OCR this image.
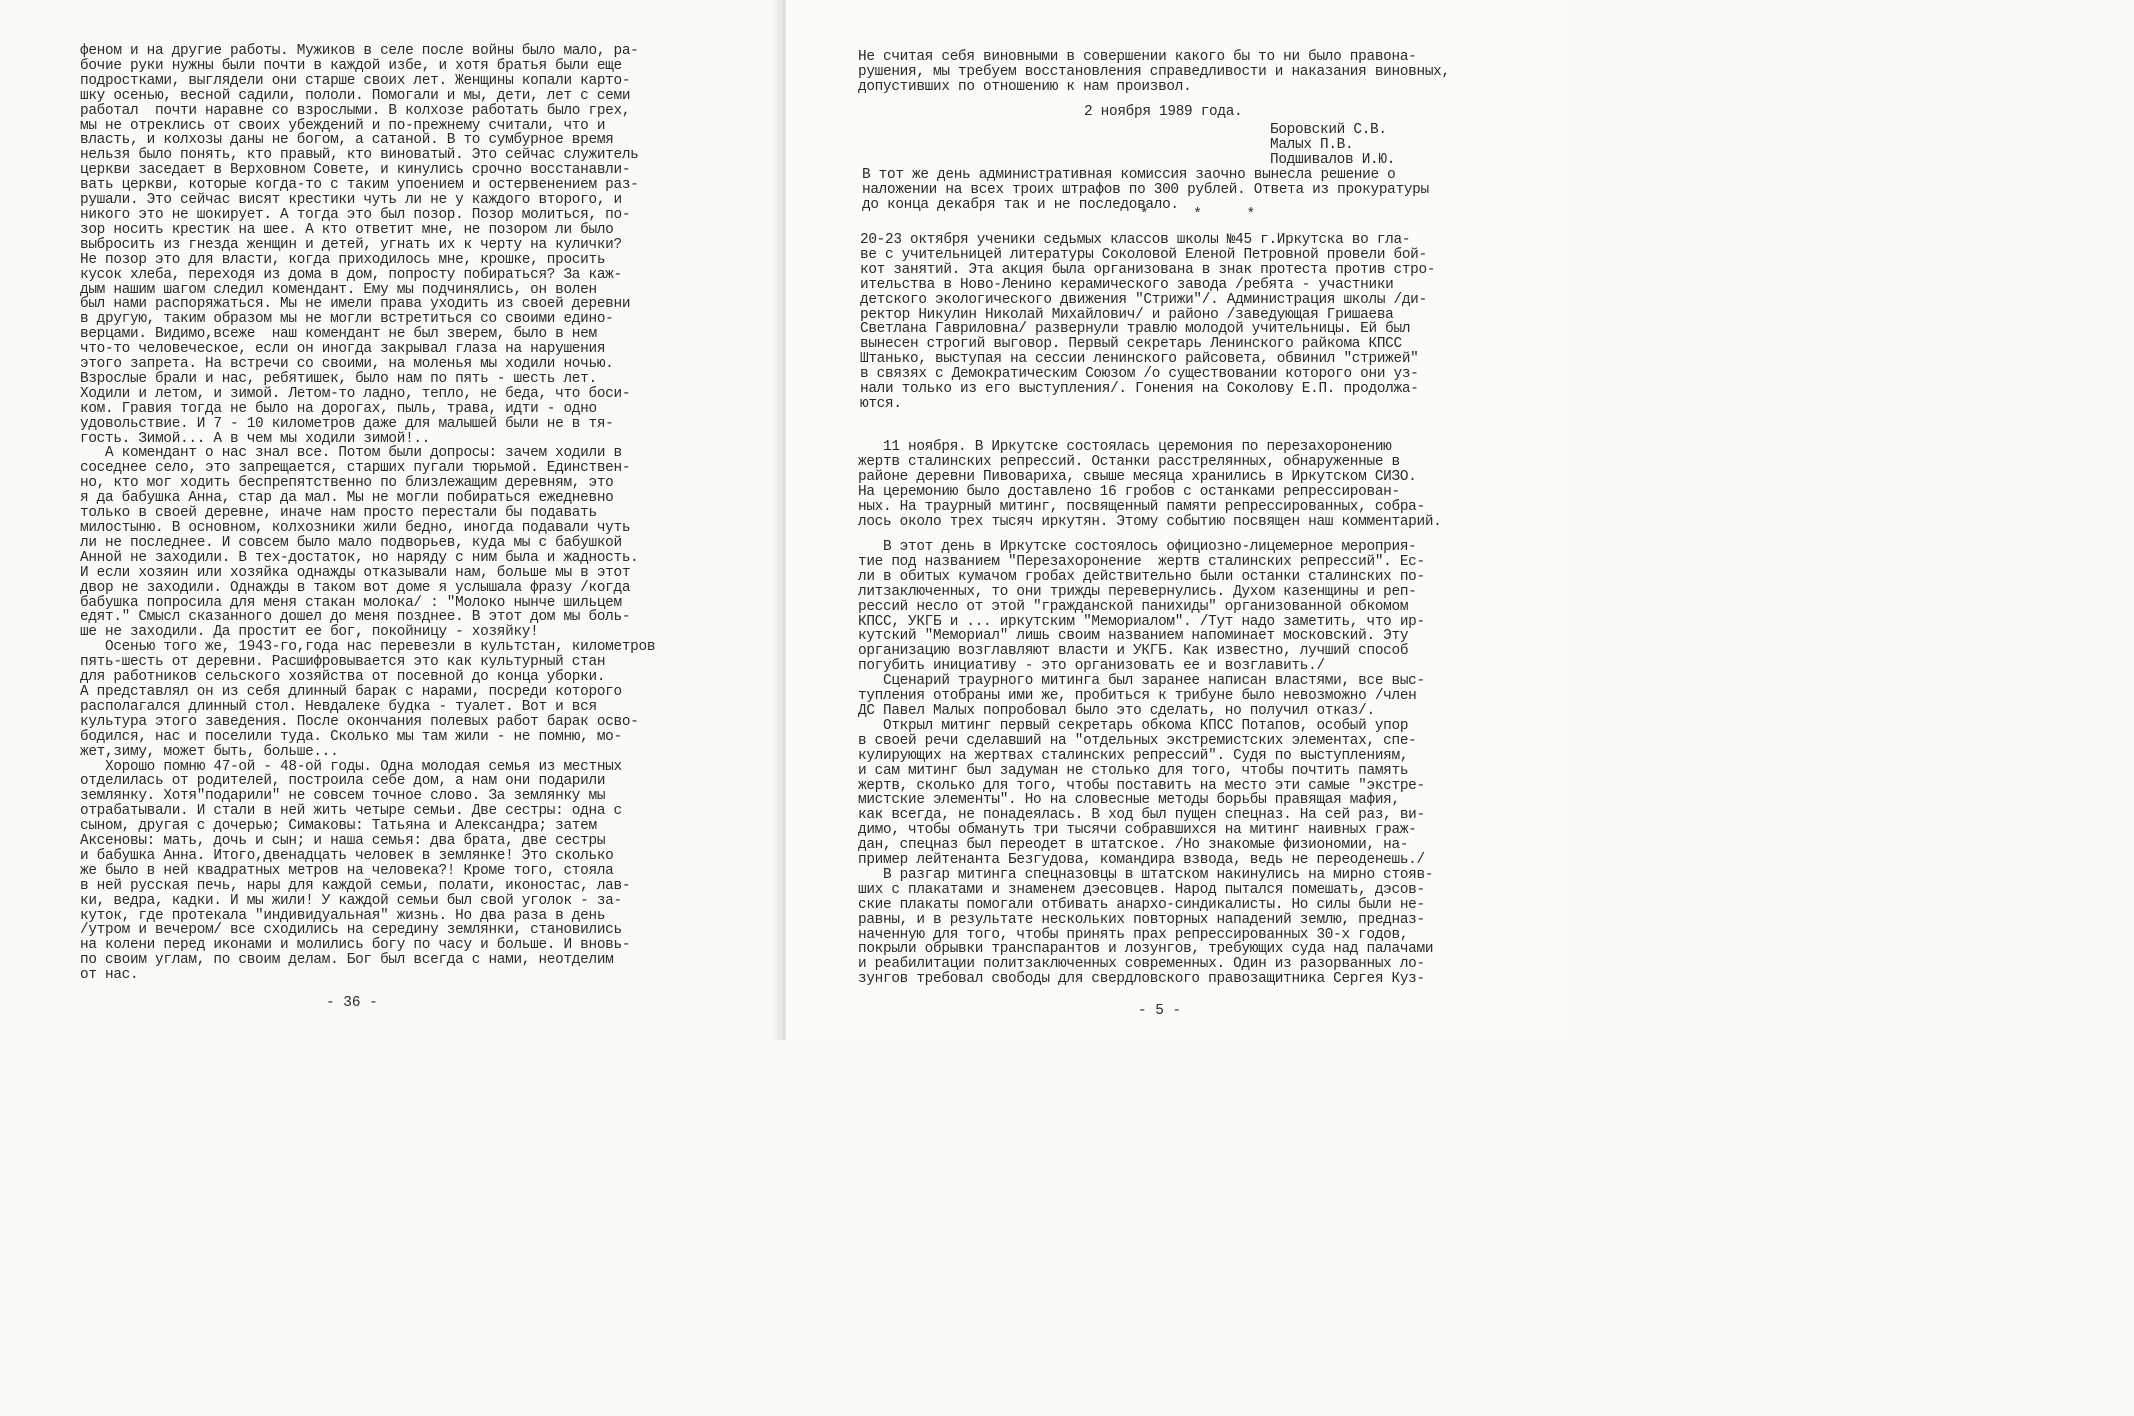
феном и на другие работы. Мужиков в селе после войны было мало, ра-
бочие руки нужны были почти в каждой избе, и хотя братья были еще
подростками, выглядели они старше своих лет. Женщины копали карто-
шку осенью, весной садили, пололи. Помогали и мы, дети, лет с семи
работал  почти наравне со взрослыми. В колхозе работать было грех,
мы не отреклись от своих убеждений и по-прежнему считали, что и
власть, и колхозы даны не богом, а сатаной. В то сумбурное время
нельзя было понять, кто правый, кто виноватый. Это сейчас служитель
церкви заседает в Верховном Совете, и кинулись срочно восстанавли-
вать церкви, которые когда-то с таким упоением и остервенением раз-
рушали. Это сейчас висят крестики чуть ли не у каждого второго, и
никого это не шокирует. А тогда это был позор. Позор молиться, по-
зор носить крестик на шее. А кто ответит мне, не позором ли было
выбросить из гнезда женщин и детей, угнать их к черту на кулички?
Не позор это для власти, когда приходилось мне, крошке, просить
кусок хлеба, переходя из дома в дом, попросту побираться? За каж-
дым нашим шагом следил комендант. Ему мы подчинялись, он волен
был нами распоряжаться. Мы не имели права уходить из своей деревни
в другую, таким образом мы не могли встретиться со своими едино-
верцами. Видимо,всеже  наш комендант не был зверем, было в нем
что-то человеческое, если он иногда закрывал глаза на нарушения
этого запрета. На встречи со своими, на моленья мы ходили ночью.
Взрослые брали и нас, ребятишек, было нам по пять - шесть лет.
Ходили и летом, и зимой. Летом-то ладно, тепло, не беда, что боси-
ком. Гравия тогда не было на дорогах, пыль, трава, идти - одно
удовольствие. И 7 - 10 километров даже для малышей были не в тя-
гость. Зимой... А в чем мы ходили зимой!..
А комендант о нас знал все. Потом были допросы: зачем ходили в
соседнее село, это запрещается, старших пугали тюрьмой. Единствен-
но, кто мог ходить беспрепятственно по близлежащим деревням, это
я да бабушка Анна, стар да мал. Мы не могли побираться ежедневно
только в своей деревне, иначе нам просто перестали бы подавать
милостыню. В основном, колхозники жили бедно, иногда подавали чуть
ли не последнее. И совсем было мало подворьев, куда мы с бабушкой
Анной не заходили. В тех-достаток, но наряду с ним была и жадность.
И если хозяин или хозяйка однажды отказывали нам, больше мы в этот
двор не заходили. Однажды в таком вот доме я услышала фразу /когда
бабушка попросила для меня стакан молока/ : "Молоко нынче шильцем
едят." Смысл сказанного дошел до меня позднее. В этот дом мы боль-
ше не заходили. Да простит ее бог, покойницу - хозяйку!
Осенью того же, 1943-го,года нас перевезли в культстан, километров
пять-шесть от деревни. Расшифровывается это как культурный стан
для работников сельского хозяйства от посевной до конца уборки.
А представлял он из себя длинный барак с нарами, посреди которого
располагался длинный стол. Невдалеке будка - туалет. Вот и вся
культура этого заведения. После окончания полевых работ барак осво-
бодился, нас и поселили туда. Сколько мы там жили - не помню, мо-
жет,зиму, может быть, больше...
Хорошо помню 47-ой - 48-ой годы. Одна молодая семья из местных
отделилась от родителей, построила себе дом, а нам они подарили
землянку. Хотя"подарили" не совсем точное слово. За землянку мы
отрабатывали. И стали в ней жить четыре семьи. Две сестры: одна с
сыном, другая с дочерью; Симаковы: Татьяна и Александра; затем
Аксеновы: мать, дочь и сын; и наша семья: два брата, две сестры
и бабушка Анна. Итого,двенадцать человек в землянке! Это сколько
же было в ней квадратных метров на человека?! Кроме того, стояла
в ней русская печь, нары для каждой семьи, полати, иконостас, лав-
ки, ведра, кадки. И мы жили! У каждой семьи был свой уголок - за-
куток, где протекала "индивидуальная" жизнь. Но два раза в день
/утром и вечером/ все сходились на середину землянки, становились
на колени перед иконами и молились богу по часу и больше. И вновь-
по своим углам, по своим делам. Бог был всегда с нами, неотделим
от нас.
- 36 -
Не считая себя виновными в совершении какого бы то ни было правона-
рушения, мы требуем восстановления справедливости и наказания виновных,
допустивших по отношению к нам произвол.
2 ноября 1989 года.
Боровский С.В.
Малых П.В.
Подшивалов И.Ю.
В тот же день административная комиссия заочно вынесла решение о
наложении на всех троих штрафов по 300 рублей. Ответа из прокуратуры
до конца декабря так и не последовало.
* * *
20-23 октября ученики седьмых классов школы №45 г.Иркутска во гла-
ве с учительницей литературы Соколовой Еленой Петровной провели бой-
кот занятий. Эта акция была организована в знак протеста против стро-
ительства в Ново-Ленино керамического завода /ребята - участники
детского экологического движения "Стрижи"/. Администрация школы /ди-
ректор Никулин Николай Михайлович/ и районо /заведующая Гришаева
Светлана Гавриловна/ развернули травлю молодой учительницы. Ей был
вынесен строгий выговор. Первый секретарь Ленинского райкома КПСС
Штанько, выступая на сессии ленинского райсовета, обвинил "стрижей"
в связях с Демократическим Союзом /о существовании которого они уз-
нали только из его выступления/. Гонения на Соколову Е.П. продолжа-
ются.
11 ноября. В Иркутске состоялась церемония по перезахоронению
жертв сталинских репрессий. Останки расстрелянных, обнаруженные в
районе деревни Пивовариха, свыше месяца хранились в Иркутском СИЗО.
На церемонию было доставлено 16 гробов с останками репрессирован-
ных. На траурный митинг, посвященный памяти репрессированных, собра-
лось около трех тысяч иркутян. Этому событию посвящен наш комментарий.
В этот день в Иркутске состоялось официозно-лицемерное мероприя-
тие под названием "Перезахоронение  жертв сталинских репрессий". Ес-
ли в обитых кумачом гробах действительно были останки сталинских по-
литзаключенных, то они трижды перевернулись. Духом казенщины и реп-
рессий несло от этой "гражданской панихиды" организованной обкомом
КПСС, УКГБ и ... иркутским "Мемориалом". /Тут надо заметить, что ир-
кутский "Мемориал" лишь своим названием напоминает московский. Эту
организацию возглавляют власти и УКГБ. Как известно, лучший способ
погубить инициативу - это организовать ее и возглавить./
Сценарий траурного митинга был заранее написан властями, все выс-
тупления отобраны ими же, пробиться к трибуне было невозможно /член
ДС Павел Малых попробовал было это сделать, но получил отказ/.
Открыл митинг первый секретарь обкома КПСС Потапов, особый упор
в своей речи сделавший на "отдельных экстремистских элементах, спе-
кулирующих на жертвах сталинских репрессий". Судя по выступлениям,
и сам митинг был задуман не столько для того, чтобы почтить память
жертв, сколько для того, чтобы поставить на место эти самые "экстре-
мистские элементы". Но на словесные методы борьбы правящая мафия,
как всегда, не понадеялась. В ход был пущен спецназ. На сей раз, ви-
димо, чтобы обмануть три тысячи собравшихся на митинг наивных граж-
дан, спецназ был переодет в штатское. /Но знакомые физиономии, на-
пример лейтенанта Безгудова, командира взвода, ведь не переоденешь./
В разгар митинга спецназовцы в штатском накинулись на мирно стояв-
ших с плакатами и знаменем дэесовцев. Народ пытался помешать, дэсов-
ские плакаты помогали отбивать анархо-синдикалисты. Но силы были не-
равны, и в результате нескольких повторных нападений землю, предназ-
наченную для того, чтобы принять прах репрессированных 30-х годов,
покрыли обрывки транспарантов и лозунгов, требующих суда над палачами
и реабилитации политзаключенных современных. Один из разорванных ло-
зунгов требовал свободы для свердловского правозащитника Сергея Куз-
- 5 -
